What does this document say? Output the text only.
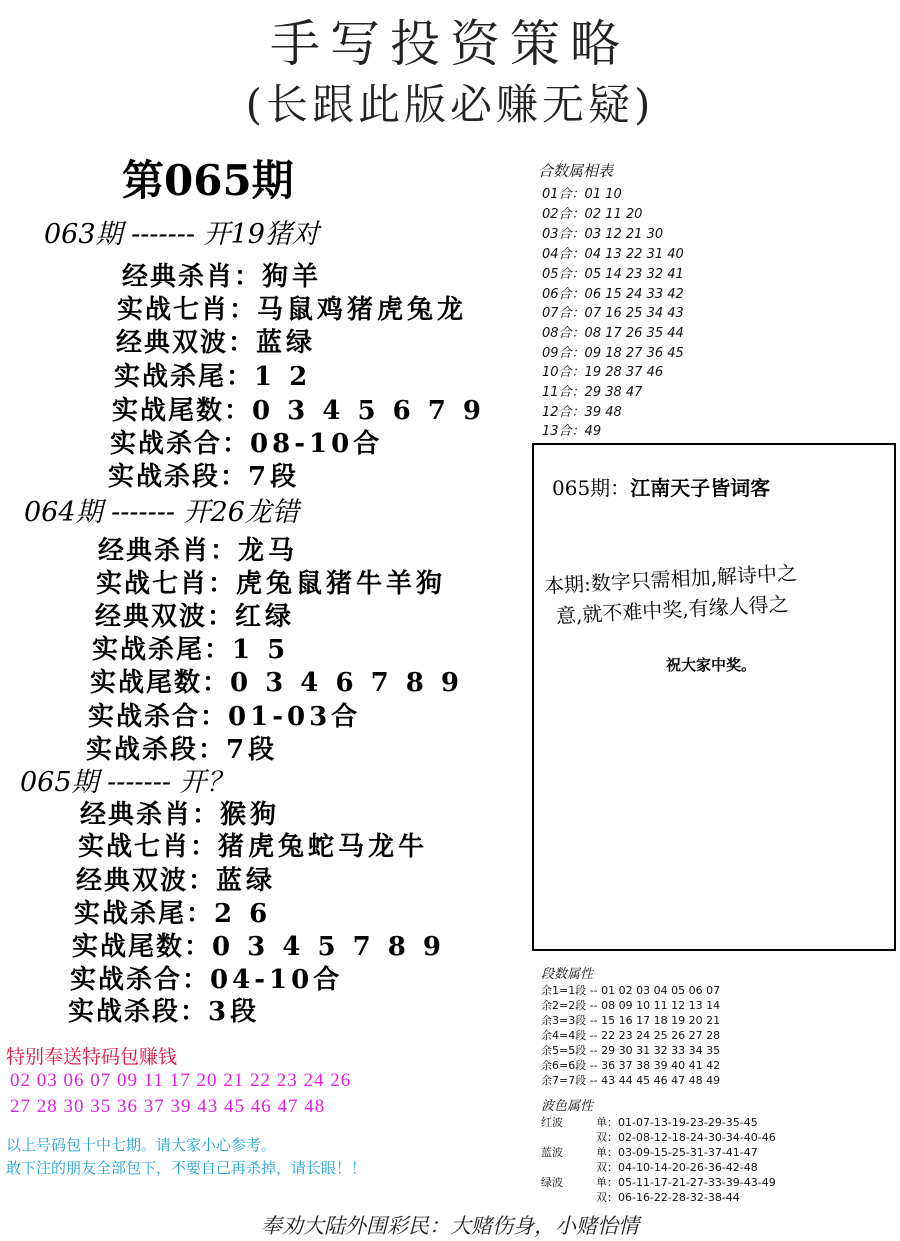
手写投资策略
(长跟此版必赚无疑)
第065期
063期 ------- 开19猪对
经典杀肖：狗羊
实战七肖：马鼠鸡猪虎兔龙
经典双波：蓝绿
实战杀尾：1 2
实战尾数：0 3 4 5 6 7 9
实战杀合：08-10合
实战杀段：7段
064期 ------- 开26龙错
经典杀肖：龙马
实战七肖：虎兔鼠猪牛羊狗
经典双波：红绿
实战杀尾：1 5
实战尾数：0 3 4 6 7 8 9
实战杀合：01-03合
实战杀段：7段
065期 ------- 开？
经典杀肖：猴狗
实战七肖：猪虎兔蛇马龙牛
经典双波：蓝绿
实战杀尾：2 6
实战尾数：0 3 4 5 7 8 9
实战杀合：04-10合
实战杀段：3段
合数属相表
01合：01 10
02合：02 11 20
03合：03 12 21 30
04合：04 13 22 31 40
05合：05 14 23 32 41
06合：06 15 24 33 42
07合：07 16 25 34 43
08合：08 17 26 35 44
09合：09 18 27 36 45
10合：19 28 37 46
11合：29 38 47
12合：39 48
13合：49
065期：江南天子皆词客
本期:数字只需相加,解诗中之
意,就不难中奖,有缘人得之
祝大家中奖。
特别奉送特码包赚钱
02 03 06 07 09 11 17 20 21 22 23 24 26
27 28 30 35 36 37 39 43 45 46 47 48
以上号码包十中七期。请大家小心参考。
敢下注的朋友全部包下，不要自己再杀掉，请长眼！！
段数属性
余1=1段 -- 01 02 03 04 05 06 07
余2=2段 -- 08 09 10 11 12 13 14
余3=3段 -- 15 16 17 18 19 20 21
余4=4段 -- 22 23 24 25 26 27 28
余5=5段 -- 29 30 31 32 33 34 35
余6=6段 -- 36 37 38 39 40 41 42
余7=7段 -- 43 44 45 46 47 48 49
波色属性
红波	单：01-07-13-19-23-29-35-45
双：02-08-12-18-24-30-34-40-46
蓝波	单：03-09-15-25-31-37-41-47
双：04-10-14-20-26-36-42-48
绿波	单：05-11-17-21-27-33-39-43-49
双：06-16-22-28-32-38-44
奉劝大陆外围彩民：大赌伤身，小赌怡情
